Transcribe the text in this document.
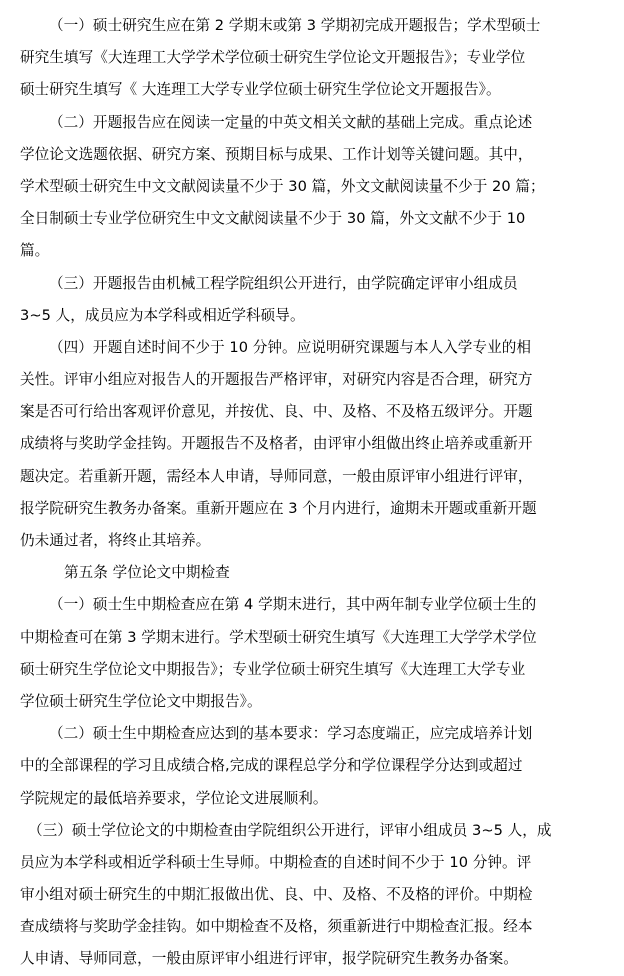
（一）硕士研究生应在第 2 学期末或第 3 学期初完成开题报告；学术型硕士
研究生填写《大连理工大学学术学位硕士研究生学位论文开题报告》；专业学位
硕士研究生填写《 大连理工大学专业学位硕士研究生学位论文开题报告》。
（二）开题报告应在阅读一定量的中英文相关文献的基础上完成。重点论述
学位论文选题依据、研究方案、预期目标与成果、工作计划等关键问题。其中，
学术型硕士研究生中文文献阅读量不少于 30 篇，外文文献阅读量不少于 20 篇；
全日制硕士专业学位研究生中文文献阅读量不少于 30 篇，外文文献不少于 10
篇。
（三）开题报告由机械工程学院组织公开进行，由学院确定评审小组成员
3~5 人，成员应为本学科或相近学科硕导。
（四）开题自述时间不少于 10 分钟。应说明研究课题与本人入学专业的相
关性。评审小组应对报告人的开题报告严格评审，对研究内容是否合理，研究方
案是否可行给出客观评价意见，并按优、良、中、及格、不及格五级评分。开题
成绩将与奖助学金挂钩。开题报告不及格者，由评审小组做出终止培养或重新开
题决定。若重新开题，需经本人申请，导师同意，一般由原评审小组进行评审，
报学院研究生教务办备案。重新开题应在 3 个月内进行，逾期未开题或重新开题
仍未通过者，将终止其培养。
第五条 学位论文中期检查
（一）硕士生中期检查应在第 4 学期末进行，其中两年制专业学位硕士生的
中期检查可在第 3 学期末进行。学术型硕士研究生填写《大连理工大学学术学位
硕士研究生学位论文中期报告》；专业学位硕士研究生填写《大连理工大学专业
学位硕士研究生学位论文中期报告》。
（二）硕士生中期检查应达到的基本要求：学习态度端正，应完成培养计划
中的全部课程的学习且成绩合格,完成的课程总学分和学位课程学分达到或超过
学院规定的最低培养要求，学位论文进展顺利。
（三）硕士学位论文的中期检查由学院组织公开进行，评审小组成员 3~5 人，成
员应为本学科或相近学科硕士生导师。中期检查的自述时间不少于 10 分钟。评
审小组对硕士研究生的中期汇报做出优、良、中、及格、不及格的评价。中期检
查成绩将与奖助学金挂钩。如中期检查不及格，须重新进行中期检查汇报。经本
人申请、导师同意，一般由原评审小组进行评审，报学院研究生教务办备案。
